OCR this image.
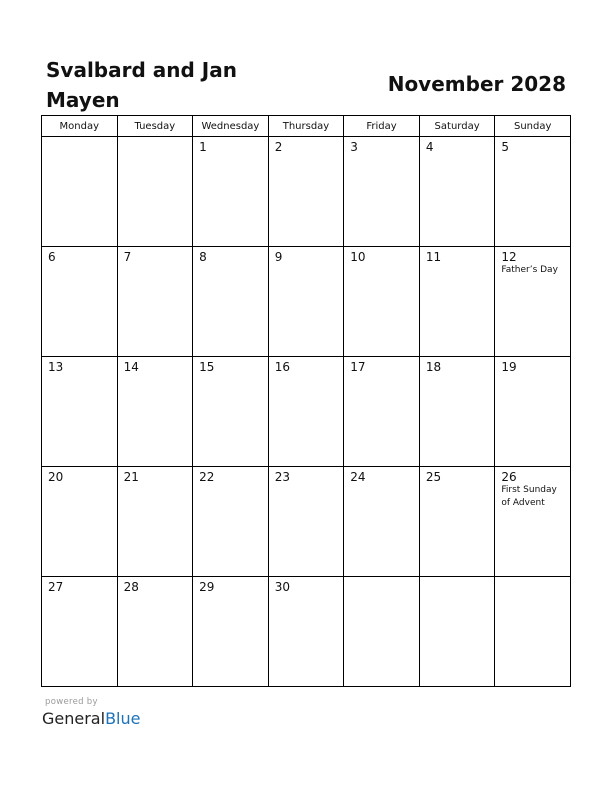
Svalbard and Jan Mayen
November 2028
Monday	Tuesday	Wednesday	Thursday	Friday	Saturday	Sunday

		1	2	3	4	5

6	7	8	9	10	11	12
Father’s Day

13	14	15	16	17	18	19

20	21	22	23	24	25	26
First Sunday
of Advent

27	28	29	30			

powered by
GeneralBlue
